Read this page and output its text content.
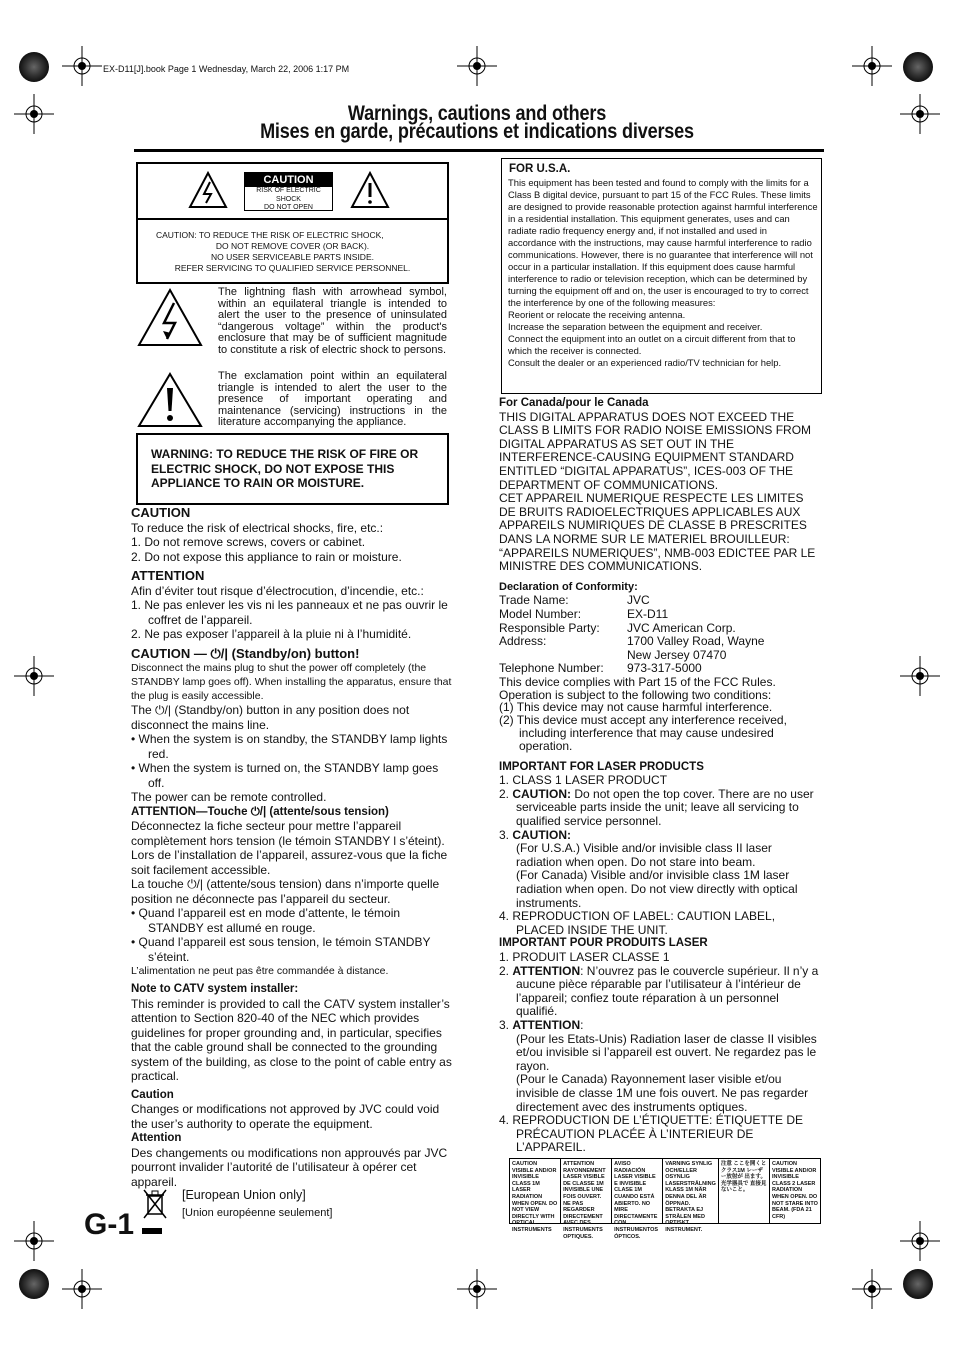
EX-D11[J].book Page 1 Wednesday, March 22, 2006 1:17 PM
Warnings, cautions and others
Mises en garde, précautions et indications diverses
CAUTION
RISK OF ELECTRIC SHOCK
DO NOT OPEN
CAUTION: TO REDUCE THE RISK OF ELECTRIC SHOCK,
DO NOT REMOVE COVER (OR BACK).
NO USER SERVICEABLE PARTS INSIDE.
REFER SERVICING TO QUALIFIED SERVICE PERSONNEL.
The lightning flash with arrowhead symbol, within an equilateral triangle is intended to alert the user to the presence of uninsulated “dangerous voltage” within the product's enclosure that may be of sufficient magnitude to constitute a risk of electric shock to persons.
The exclamation point within an equilateral triangle is intended to alert the user to the presence of important operating and maintenance (servicing) instructions in the literature accompanying the appliance.

WARNING: TO REDUCE THE RISK OF FIRE OR ELECTRIC SHOCK, DO NOT EXPOSE THIS APPLIANCE TO RAIN OR MOISTURE.

CAUTION

To reduce the risk of electrical shocks, fire, etc.:

1. Do not remove screws, covers or cabinet.

2. Do not expose this appliance to rain or moisture.

ATTENTION

Afin d’éviter tout risque d’électrocution, d’incendie, etc.:

1. Ne pas enlever les vis ni les panneaux et ne pas ouvrir le coffret de l’appareil.

2. Ne pas exposer l’appareil à la pluie ni à l’humidité.

CAUTION — ⏻/| (Standby/on) button!

Disconnect the mains plug to shut the power off completely (the STANDBY lamp goes off). When installing the apparatus, ensure that the plug is easily accessible.

The ⏻/| (Standby/on) button in any position does not disconnect the mains line.

• When the system is on standby, the STANDBY lamp lights red.

• When the system is turned on, the STANDBY lamp goes off.

The power can be remote controlled.

ATTENTION—Touche ⏻/| (attente/sous tension)

Déconnectez la fiche secteur pour mettre l’appareil complètement hors tension (le témoin STANDBY l s’éteint). Lors de l’installation de l’appareil, assurez-vous que la fiche soit facilement accessible.

La touche ⏻/| (attente/sous tension) dans n’importe quelle position ne déconnecte pas l’appareil du secteur.

• Quand l’appareil est en mode d’attente, le témoin STANDBY est allumé en rouge.

• Quand l’appareil est sous tension, le témoin STANDBY s’éteint.

L’alimentation ne peut pas être commandée à distance.

Note to CATV system installer:

This reminder is provided to call the CATV system installer’s attention to Section 820-40 of the NEC which provides guidelines for proper grounding and, in particular, specifies that the cable ground shall be connected to the grounding system of the building, as close to the point of cable entry as practical.

Caution

Changes or modifications not approved by JVC could void the user’s authority to operate the equipment.

Attention

Des changements ou modifications non approuvés par JVC pourront invalider l’autorité de l’utilisateur à opérer cet appareil.

[European Union only]
[Union européenne seulement]
G-1
FOR U.S.A.
This equipment has been tested and found to comply with the limits for a Class B digital device, pursuant to part 15 of the FCC Rules. These limits are designed to provide reasonable protection against harmful interference in a residential installation. This equipment generates, uses and can radiate radio frequency energy and, if not installed and used in accordance with the instructions, may cause harmful interference to radio communications. However, there is no guarantee that interference will not occur in a particular installation. If this equipment does cause harmful interference to radio or television reception, which can be determined by turning the equipment off and on, the user is encouraged to try to correct the interference by one of the following measures:
Reorient or relocate the receiving antenna.
Increase the separation between the equipment and receiver.
Connect the equipment into an outlet on a circuit different from that to which the receiver is connected.
Consult the dealer or an experienced radio/TV technician for help.

For Canada/pour le Canada

THIS DIGITAL APPARATUS DOES NOT EXCEED THE CLASS B LIMITS FOR RADIO NOISE EMISSIONS FROM DIGITAL APPARATUS AS SET OUT IN THE INTERFERENCE-CAUSING EQUIPMENT STANDARD ENTITLED “DIGITAL APPARATUS”, ICES-003 OF THE DEPARTMENT OF COMMUNICATIONS.

CET APPAREIL NUMERIQUE RESPECTE LES LIMITES DE BRUITS RADIOELECTRIQUES APPLICABLES AUX APPAREILS NUMIRIQUES DE CLASSE B PRESCRITES DANS LA NORME SUR LE MATERIEL BROUILLEUR: “APPAREILS NUMERIQUES”, NMB-003 EDICTEE PAR LE MINISTRE DES COMMUNICATIONS.

Declaration of Conformity:

Trade Name:	JVC
Model Number:	EX-D11
Responsible Party:	JVC American Corp.
Address:	1700 Valley Road, Wayne
New Jersey 07470
Telephone Number:	973-317-5000

This device complies with Part 15 of the FCC Rules.

Operation is subject to the following two conditions:

(1) This device may not cause harmful interference.

(2) This device must accept any interference received, including interference that may cause undesired operation.

IMPORTANT FOR LASER PRODUCTS

1. CLASS 1 LASER PRODUCT

2. CAUTION: Do not open the top cover. There are no user serviceable parts inside the unit; leave all servicing to qualified service personnel.

3. CAUTION:

(For U.S.A.) Visible and/or invisible class II laser radiation when open. Do not stare into beam.

(For Canada) Visible and/or invisible class 1M laser radiation when open. Do not view directly with optical instruments.

4. REPRODUCTION OF LABEL: CAUTION LABEL, PLACED INSIDE THE UNIT.

IMPORTANT POUR PRODUITS LASER

1. PRODUIT LASER CLASSE 1

2. ATTENTION: N’ouvrez pas le couvercle supérieur. Il n’y a aucune pièce réparable par l’utilisateur à l’intérieur de l’appareil; confiez toute réparation à un personnel qualifié.

3. ATTENTION:

(Pour les Etats-Unis) Radiation laser de classe II visibles et/ou invisible si l’appareil est ouvert. Ne regardez pas le rayon.

(Pour le Canada) Rayonnement laser visible et/ou invisible de classe 1M une fois ouvert. Ne pas regarder directement avec des instruments optiques.

4. REPRODUCTION DE L’ÉTIQUETTE: ÉTIQUETTE DE PRÉCAUTION PLACÉE À L’INTERIEUR DE L’APPAREIL.

CAUTION VISIBLE AND/OR INVISIBLE CLASS 1M LASER RADIATION WHEN OPEN. DO NOT VIEW DIRECTLY WITH OPTICAL INSTRUMENTS
ATTENTION RAYONNEMENT LASER VISIBLE DE CLASSE 1M INVISIBLE UNE FOIS OUVERT. NE PAS REGARDER DIRECTEMENT AVEC DES INSTRUMENTS OPTIQUES.
AVISO RADIACIÓN LASER VISIBLE E INVISIBLE CLASE 1M CUANDO ESTÁ ABIERTO. NO MIRE DIRECTAMENTE CON INSTRUMENTOS ÓPTICOS.
VARNING SYNLIG OCH/ELLER OSYNLIG LASERSTRÅLNING KLASS 1M NÄR DENNA DEL ÄR ÖPPNAD. BETRAKTA EJ STRÅLEN MED OPTISKT INSTRUMENT.
注意 ここを開くと クラス1M レーザー放射が 出ます。光学器具で 直接見ないこと。
CAUTION VISIBLE AND/OR INVISIBLE CLASS 2 LASER RADIATION WHEN OPEN. DO NOT STARE INTO BEAM. (FDA 21 CFR)
